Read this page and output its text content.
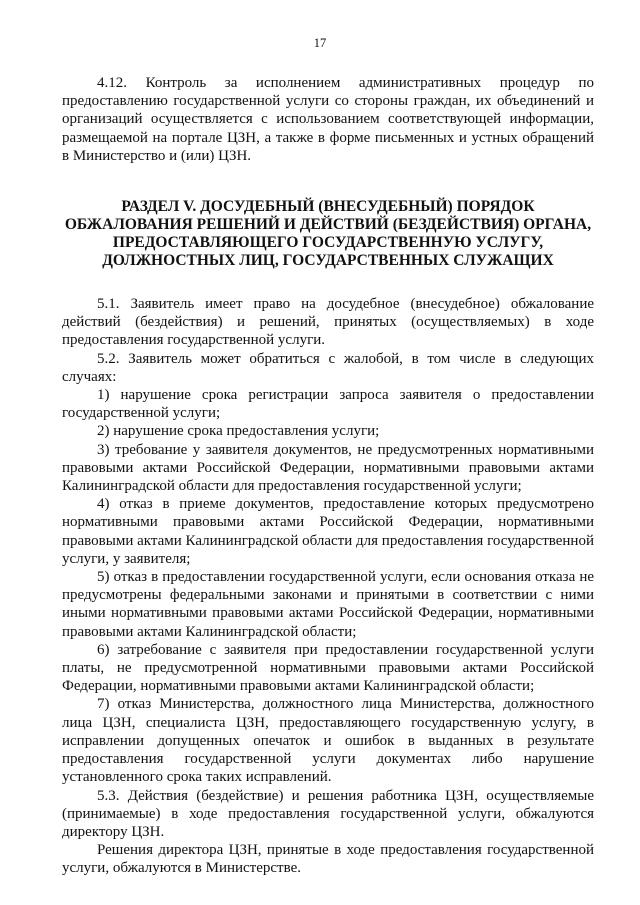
17

4.12. Контроль за исполнением административных процедур по предоставлению государственной услуги со стороны граждан, их объединений и организаций осуществляется с использованием соответствующей информации, размещаемой на портале ЦЗН, а также в форме письменных и устных обращений в Министерство и (или) ЦЗН.

РАЗДЕЛ V. ДОСУДЕБНЫЙ (ВНЕСУДЕБНЫЙ) ПОРЯДОК
ОБЖАЛОВАНИЯ РЕШЕНИЙ И ДЕЙСТВИЙ (БЕЗДЕЙСТВИЯ) ОРГАНА,
ПРЕДОСТАВЛЯЮЩЕГО ГОСУДАРСТВЕННУЮ УСЛУГУ,
ДОЛЖНОСТНЫХ ЛИЦ, ГОСУДАРСТВЕННЫХ СЛУЖАЩИХ

5.1. Заявитель имеет право на досудебное (внесудебное) обжалование действий (бездействия) и решений, принятых (осуществляемых) в ходе предоставления государственной услуги.

5.2. Заявитель может обратиться с жалобой, в том числе в следующих случаях:

1) нарушение срока регистрации запроса заявителя о предоставлении государственной услуги;

2) нарушение срока предоставления услуги;

3) требование у заявителя документов, не предусмотренных нормативными правовыми актами Российской Федерации, нормативными правовыми актами Калининградской области для предоставления государственной услуги;

4) отказ в приеме документов, предоставление которых предусмотрено нормативными правовыми актами Российской Федерации, нормативными правовыми актами Калининградской области для предоставления государственной услуги, у заявителя;

5) отказ в предоставлении государственной услуги, если основания отказа не предусмотрены федеральными законами и принятыми в соответствии с ними иными нормативными правовыми актами Российской Федерации, нормативными правовыми актами Калининградской области;

6) затребование с заявителя при предоставлении государственной услуги платы, не предусмотренной нормативными правовыми актами Российской Федерации, нормативными правовыми актами Калининградской области;

7) отказ Министерства, должностного лица Министерства, должностного лица ЦЗН, специалиста ЦЗН, предоставляющего государственную услугу, в исправлении допущенных опечаток и ошибок в выданных в результате предоставления государственной услуги документах либо нарушение установленного срока таких исправлений.

5.3. Действия (бездействие) и решения работника ЦЗН, осуществляемые (принимаемые) в ходе предоставления государственной услуги, обжалуются директору ЦЗН.

Решения директора ЦЗН, принятые в ходе предоставления государственной услуги, обжалуются в Министерстве.
